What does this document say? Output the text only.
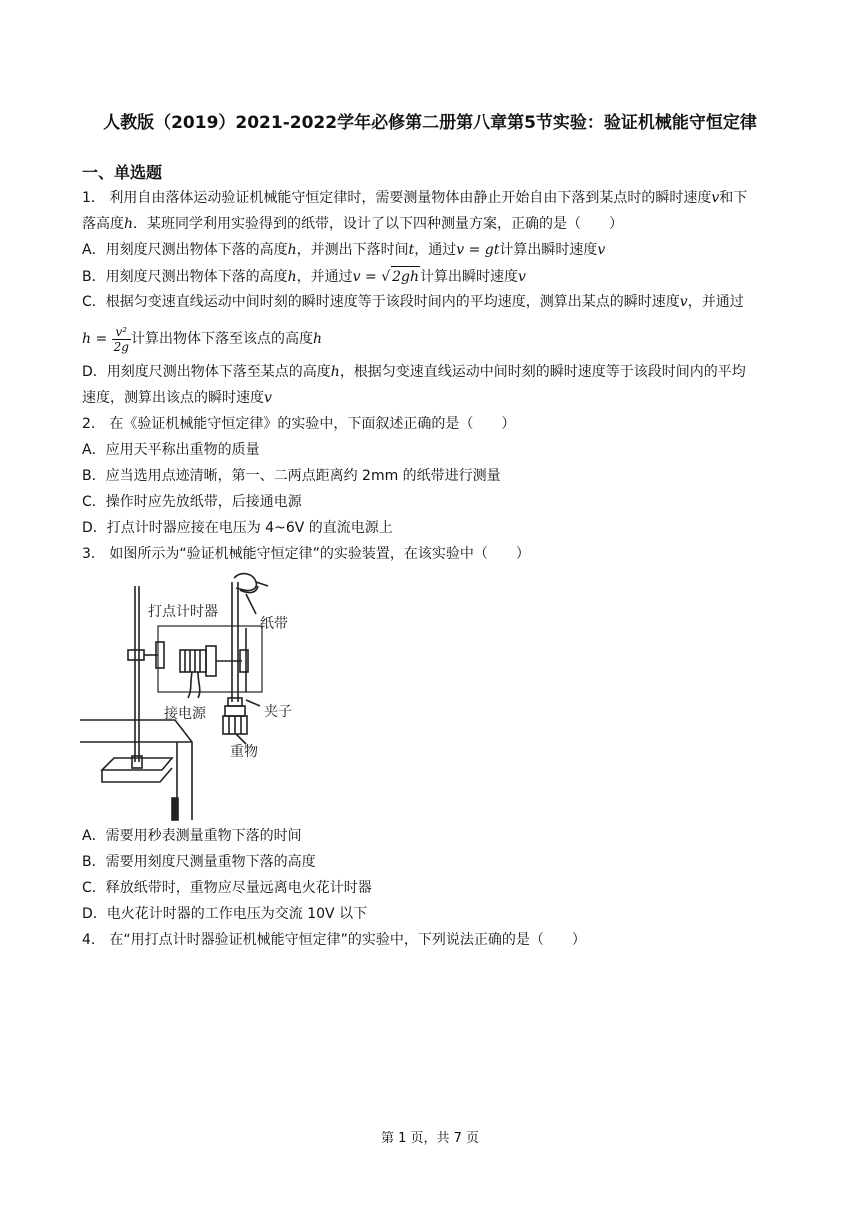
人教版（2019）2021-2022学年必修第二册第八章第5节实验：验证机械能守恒定律
一、单选题
1． 利用自由落体运动验证机械能守恒定律时，需要测量物体由静止开始自由下落到某点时的瞬时速度v和下
落高度h．某班同学利用实验得到的纸带，设计了以下四种测量方案，正确的是（　　）
A．用刻度尺测出物体下落的高度h，并测出下落时间t，通过v = gt计算出瞬时速度v
B．用刻度尺测出物体下落的高度h，并通过v = √ 2gh计算出瞬时速度v
C．根据匀变速直线运动中间时刻的瞬时速度等于该段时间内的平均速度，测算出某点的瞬时速度v，并通过
$h = \frac{\text{v²}}{2g}$ 计算出物体下落至该点的高度h
D．用刻度尺测出物体下落至某点的高度h，根据匀变速直线运动中间时刻的瞬时速度等于该段时间内的平均
速度，测算出该点的瞬时速度v
2． 在《验证机械能守恒定律》的实验中，下面叙述正确的是（　　）
A．应用天平称出重物的质量
B．应当选用点迹清晰，第一、二两点距离约 2mm 的纸带进行测量
C．操作时应先放纸带，后接通电源
D．打点计时器应接在电压为 4~6V 的直流电源上
3． 如图所示为“验证机械能守恒定律”的实验装置，在该实验中（　　）
打点计时器
纸带
接电源	夹子
重物
A．需要用秒表测量重物下落的时间
B．需要用刻度尺测量重物下落的高度
C．释放纸带时，重物应尽量远离电火花计时器
D．电火花计时器的工作电压为交流 10V 以下
4． 在“用打点计时器验证机械能守恒定律”的实验中，下列说法正确的是（　　）
第 1 页，共 7 页
